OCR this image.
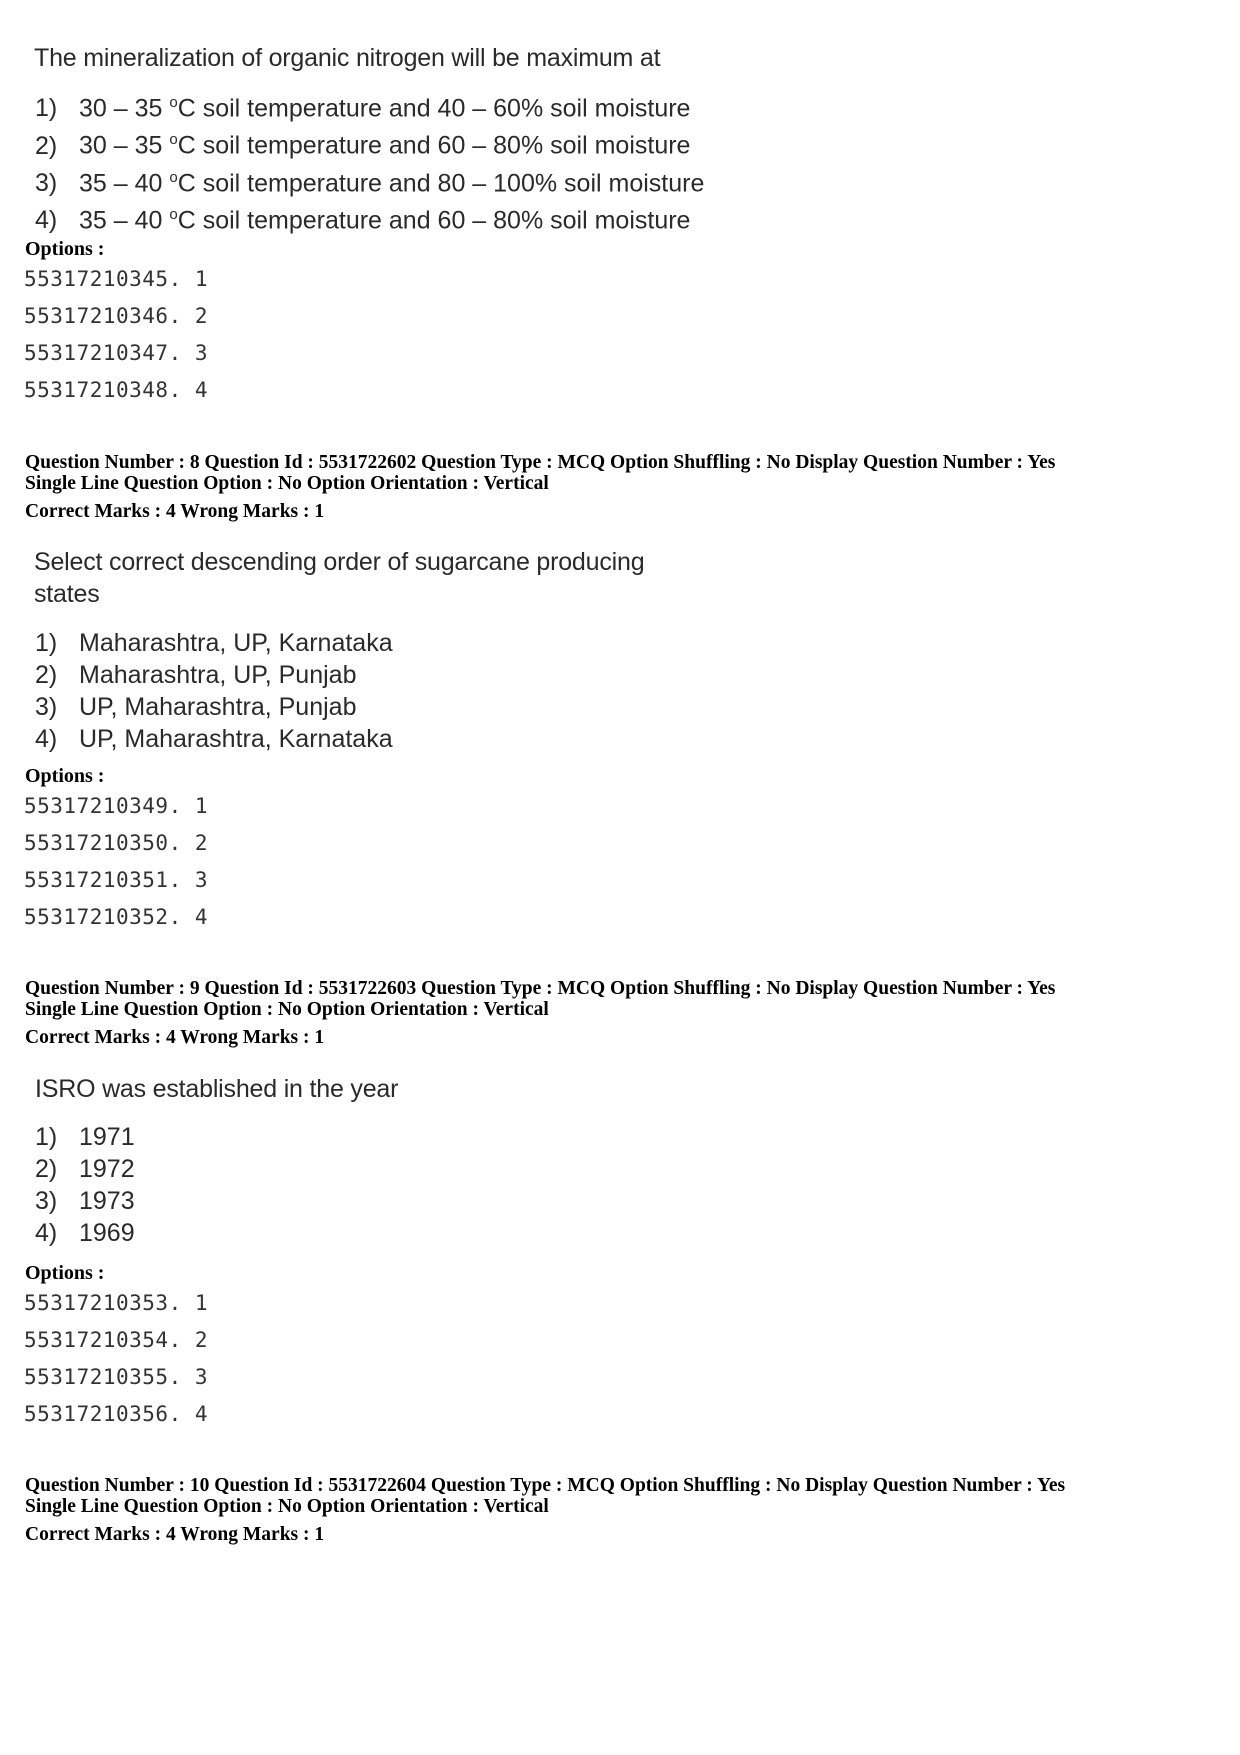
The mineralization of organic nitrogen will be maximum at
1) 30 – 35 $^o$C soil temperature and 40 – 60% soil moisture
2) 30 – 35 $^o$C soil temperature and 60 – 80% soil moisture
3) 35 – 40 $^o$C soil temperature and 80 – 100% soil moisture
4) 35 – 40 $^o$C soil temperature and 60 – 80% soil moisture
Options :
55317210345. 1
55317210346. 2
55317210347. 3
55317210348. 4
Question Number : 8 Question Id : 5531722602 Question Type : MCQ Option Shuffling : No Display Question Number : Yes
Single Line Question Option : No Option Orientation : Vertical
Correct Marks : 4 Wrong Marks : 1
Select correct descending order of sugarcane producing
states
1) Maharashtra, UP, Karnataka
2) Maharashtra, UP, Punjab
3) UP, Maharashtra, Punjab
4) UP, Maharashtra, Karnataka
Options :
55317210349. 1
55317210350. 2
55317210351. 3
55317210352. 4
Question Number : 9 Question Id : 5531722603 Question Type : MCQ Option Shuffling : No Display Question Number : Yes
Single Line Question Option : No Option Orientation : Vertical
Correct Marks : 4 Wrong Marks : 1
ISRO was established in the year
1) 1971
2) 1972
3) 1973
4) 1969
Options :
55317210353. 1
55317210354. 2
55317210355. 3
55317210356. 4
Question Number : 10 Question Id : 5531722604 Question Type : MCQ Option Shuffling : No Display Question Number : Yes
Single Line Question Option : No Option Orientation : Vertical
Correct Marks : 4 Wrong Marks : 1
